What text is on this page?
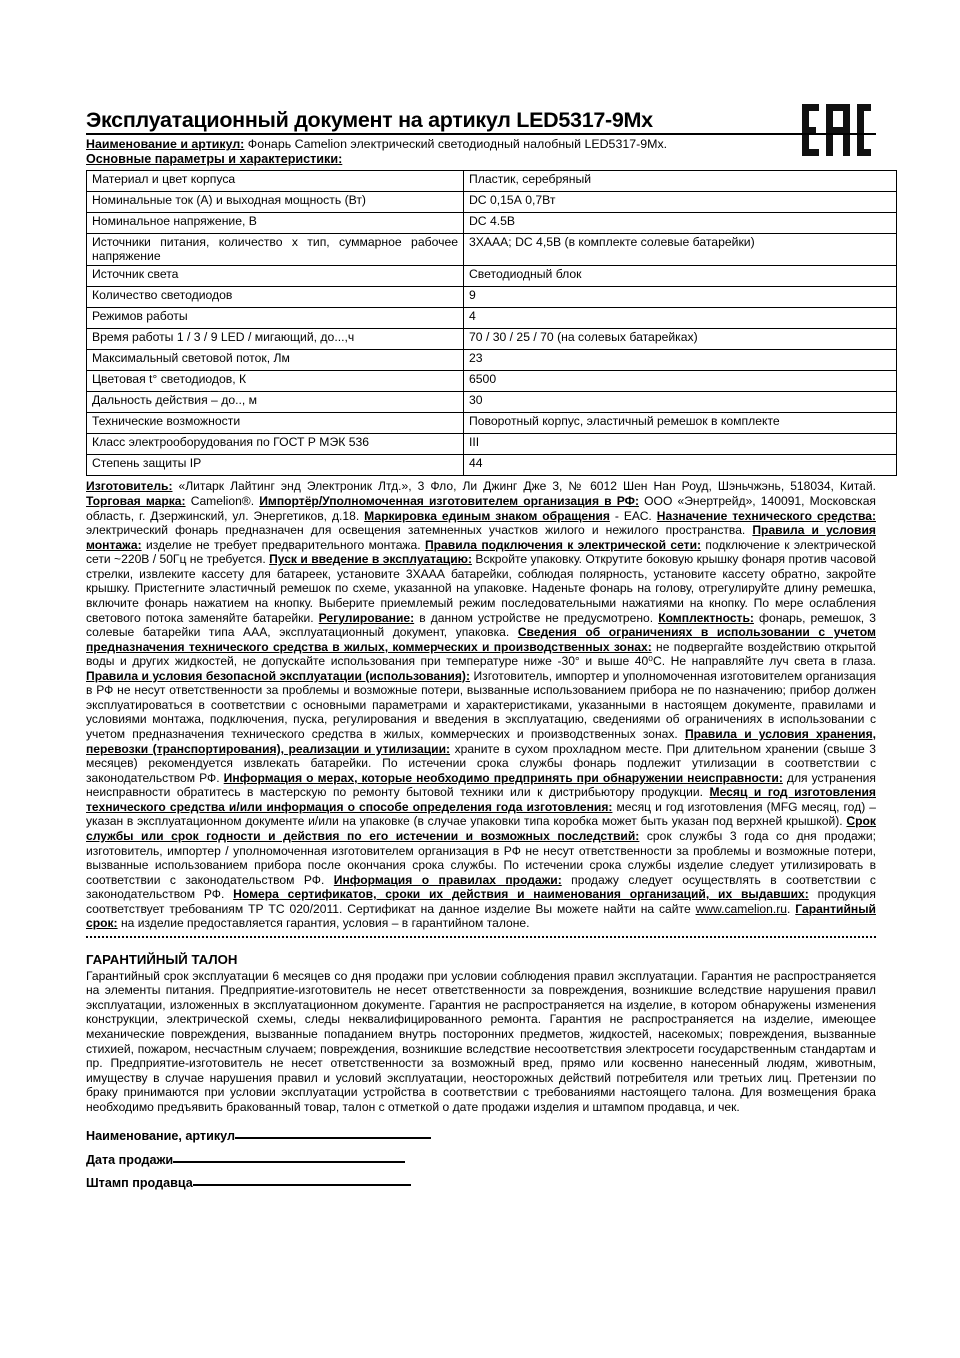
Эксплуатационный документ на артикул LED5317-9Mx
Наименование и артикул: Фонарь Camelion электрический светодиодный налобный LED5317-9Mx.
Основные параметры и характеристики:
Материал и цвет корпуса	Пластик, серебряный
Номинальные ток (А) и выходная мощность (Вт)	DC 0,15А 0,7Вт
Номинальное напряжение, В	DC 4.5B
Источники питания, количество х тип, суммарное рабочее напряжение	3XAAA; DC 4,5B (в комплекте солевые батарейки)
Источник света	Светодиодный блок
Количество светодиодов	9
Режимов работы	4
Время работы 1 / 3 / 9 LED / мигающий, до...,ч	70 / 30 / 25 / 70 (на солевых батарейках)
Максимальный световой поток, Лм	23
Цветовая t° светодиодов, К	6500
Дальность действия – до.., м	30
Технические возможности	Поворотный корпус, эластичный ремешок в комплекте
Класс электрооборудования по ГОСТ Р МЭК 536	III
Степень защиты IP	44
Изготовитель: «Литарк Лайтинг энд Электроник Лтд.», 3 Фло, Ли Джинг Дже 3, № 6012 Шен Нан Роуд, Шэньчжэнь, 518034, Китай. Торговая марка: Camelion®. Импортёр/Уполномоченная изготовителем организация в РФ: ООО «Энертрейд», 140091, Московская область, г. Дзержинский, ул. Энергетиков, д.18. Маркировка единым знаком обращения - ЕАС. Назначение технического средства: электрический фонарь предназначен для освещения затемненных участков жилого и нежилого пространства. Правила и условия монтажа: изделие не требует предварительного монтажа. Правила подключения к электрической сети: подключение к электрической сети ~220В / 50Гц не требуется. Пуск и введение в эксплуатацию: Вскройте упаковку. Открутите боковую крышку фонаря против часовой стрелки, извлеките кассету для батареек, установите 3ХААА батарейки, соблюдая полярность, установите кассету обратно, закройте крышку. Пристегните эластичный ремешок по схеме, указанной на упаковке. Наденьте фонарь на голову, отрегулируйте длину ремешка, включите фонарь нажатием на кнопку. Выберите приемлемый режим последовательными нажатиями на кнопку. По мере ослабления светового потока заменяйте батарейки. Регулирование: в данном устройстве не предусмотрено. Комплектность: фонарь, ремешок, 3 солевые батарейки типа ААА, эксплуатационный документ, упаковка. Сведения об ограничениях в использовании с учетом предназначения технического средства в жилых, коммерческих и производственных зонах: не подвергайте воздействию открытой воды и других жидкостей, не допускайте использования при температуре ниже -30° и выше 40⁰С. Не направляйте луч света в глаза. Правила и условия безопасной эксплуатации (использования): Изготовитель, импортер и уполномоченная изготовителем организация в РФ не несут ответственности за проблемы и возможные потери, вызванные использованием прибора не по назначению; прибор должен эксплуатироваться в соответствии с основными параметрами и характеристиками, указанными в настоящем документе, правилами и условиями монтажа, подключения, пуска, регулирования и введения в эксплуатацию, сведениями об ограничениях в использовании с учетом предназначения технического средства в жилых, коммерческих и производственных зонах. Правила и условия хранения, перевозки (транспортирования), реализации и утилизации: храните в сухом прохладном месте. При длительном хранении (свыше 3 месяцев) рекомендуется извлекать батарейки. По истечении срока службы фонарь подлежит утилизации в соответствии с законодательством РФ. Информация о мерах, которые необходимо предпринять при обнаружении неисправности: для устранения неисправности обратитесь в мастерскую по ремонту бытовой техники или к дистрибьютору продукции. Месяц и год изготовления технического средства и/или информация о способе определения года изготовления: месяц и год изготовления (MFG месяц, год) – указан в эксплуатационном документе и/или на упаковке (в случае упаковки типа коробка может быть указан под верхней крышкой). Срок службы или срок годности и действия по его истечении и возможных последствий: срок службы 3 года со дня продажи; изготовитель, импортер / уполномоченная изготовителем организация в РФ не несут ответственности за проблемы и возможные потери, вызванные использованием прибора после окончания срока службы. По истечении срока службы изделие следует утилизировать в соответствии с законодательством РФ. Информация о правилах продажи: продажу следует осуществлять в соответствии с законодательством РФ. Номера сертификатов, сроки их действия и наименования организаций, их выдавших: продукция соответствует требованиям ТР ТС 020/2011. Сертификат на данное изделие Вы можете найти на сайте www.camelion.ru. Гарантийный срок: на изделие предоставляется гарантия, условия – в гарантийном талоне.
ГАРАНТИЙНЫЙ ТАЛОН
Гарантийный срок эксплуатации 6 месяцев со дня продажи при условии соблюдения правил эксплуатации. Гарантия не распространяется на элементы питания. Предприятие-изготовитель не несет ответственности за повреждения, возникшие вследствие нарушения правил эксплуатации, изложенных в эксплуатационном документе. Гарантия не распространяется на изделие, в котором обнаружены изменения конструкции, электрической схемы, следы неквалифицированного ремонта. Гарантия не распространяется на изделие, имеющее механические повреждения, вызванные попаданием внутрь посторонних предметов, жидкостей, насекомых; повреждения, вызванные стихией, пожаром, несчастным случаем; повреждения, возникшие вследствие несоответствия электросети государственным стандартам и пр. Предприятие-изготовитель не несет ответственности за возможный вред, прямо или косвенно нанесенный людям, животным, имуществу в случае нарушения правил и условий эксплуатации, неосторожных действий потребителя или третьих лиц. Претензии по браку принимаются при условии эксплуатации устройства в соответствии с требованиями настоящего талона. Для возмещения брака необходимо предъявить бракованный товар, талон с отметкой о дате продажи изделия и штампом продавца, и чек.
Наименование, артикул
Дата продажи
Штамп продавца
